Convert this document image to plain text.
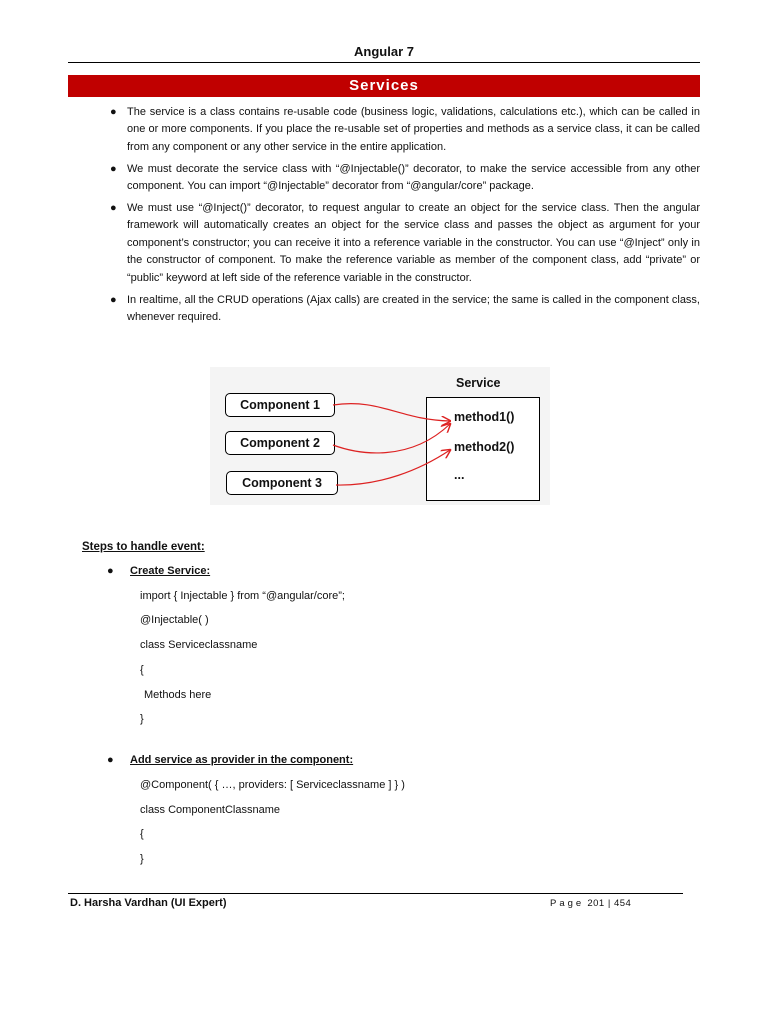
Angular 7
Services
● The service is a class contains re-usable code (business logic, validations, calculations etc.), which can be called in one or more components. If you place the re-usable set of properties and methods as a service class, it can be called from any component or any other service in the entire application.
● We must decorate the service class with “@Injectable()” decorator, to make the service accessible from any other component. You can import “@Injectable” decorator from “@angular/core” package.
● We must use “@Inject()” decorator, to request angular to create an object for the service class. Then the angular framework will automatically creates an object for the service class and passes the object as argument for your component’s constructor; you can receive it into a reference variable in the constructor. You can use “@Inject” only in the constructor of component. To make the reference variable as member of the component class, add “private” or “public” keyword at left side of the reference variable in the constructor.
● In realtime, all the CRUD operations (Ajax calls) are created in the service; the same is called in the component class, whenever required.
Component 1
Component 2
Component 3
Service
method1()
method2()
...
Steps to handle event:
● Create Service:
import { Injectable } from “@angular/core”;
@Injectable( )
class Serviceclassname
{
Methods here
}
● Add service as provider in the component:
@Component( { …, providers: [ Serviceclassname ] } )
class ComponentClassname
{
}
D. Harsha Vardhan (UI Expert)	Page 201 | 454
